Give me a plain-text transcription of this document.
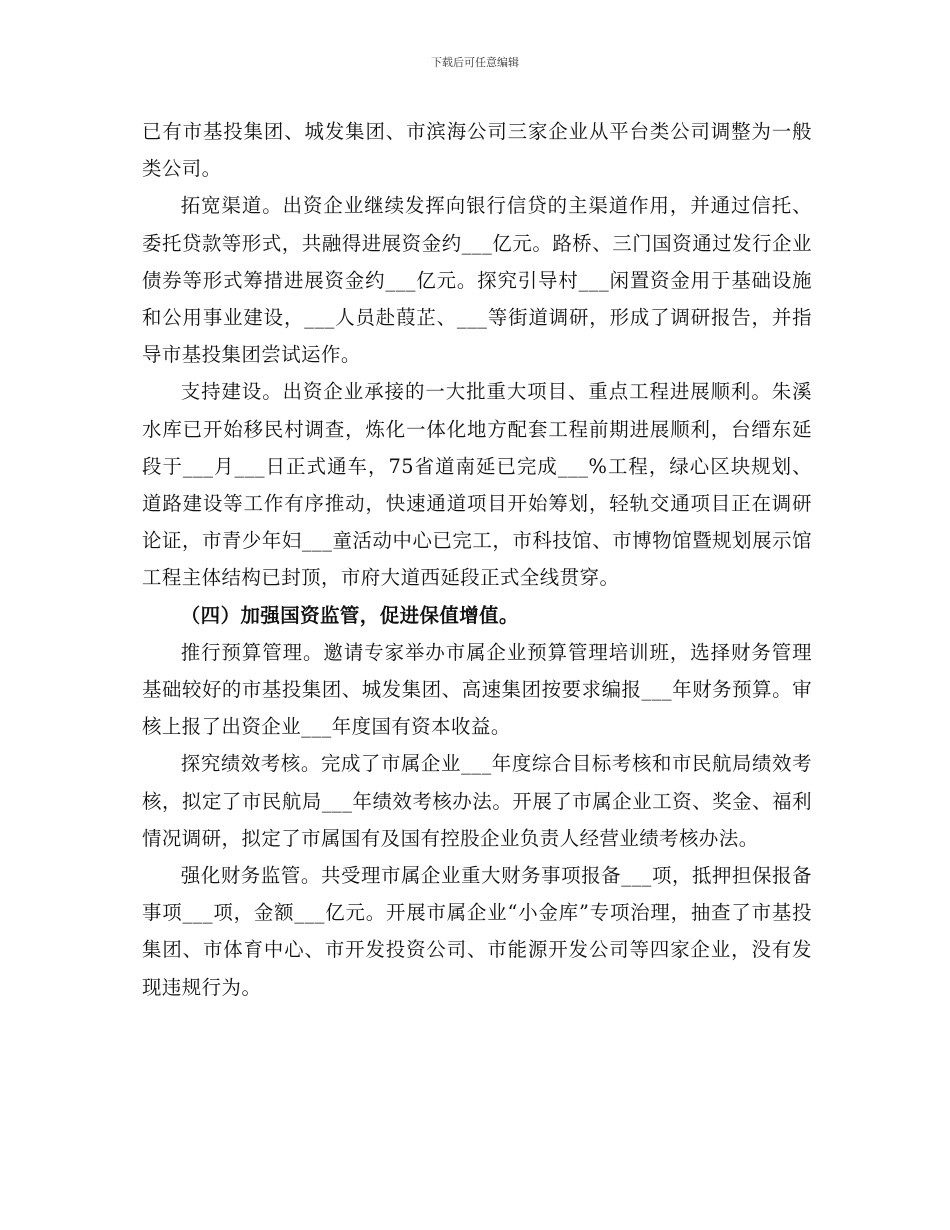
下载后可任意编辑

已有市基投集团、城发集团、市滨海公司三家企业从平台类公司调整为一般类公司。

拓宽渠道。出资企业继续发挥向银行信贷的主渠道作用，并通过信托、委托贷款等形式，共融得进展资金约___亿元。路桥、三门国资通过发行企业债券等形式筹措进展资金约___亿元。探究引导村___闲置资金用于基础设施和公用事业建设，___人员赴葭芷、___等街道调研，形成了调研报告，并指导市基投集团尝试运作。

支持建设。出资企业承接的一大批重大项目、重点工程进展顺利。朱溪水库已开始移民村调查，炼化一体化地方配套工程前期进展顺利，台缙东延段于___月___日正式通车，75省道南延已完成___%工程，绿心区块规划、道路建设等工作有序推动，快速通道项目开始筹划，轻轨交通项目正在调研论证，市青少年妇___童活动中心已完工，市科技馆、市博物馆暨规划展示馆工程主体结构已封顶，市府大道西延段正式全线贯穿。

（四）加强国资监管，促进保值增值。

推行预算管理。邀请专家举办市属企业预算管理培训班，选择财务管理基础较好的市基投集团、城发集团、高速集团按要求编报___年财务预算。审核上报了出资企业___年度国有资本收益。

探究绩效考核。完成了市属企业___年度综合目标考核和市民航局绩效考核，拟定了市民航局___年绩效考核办法。开展了市属企业工资、奖金、福利情况调研，拟定了市属国有及国有控股企业负责人经营业绩考核办法。

强化财务监管。共受理市属企业重大财务事项报备___项，抵押担保报备事项___项，金额___亿元。开展市属企业“小金库”专项治理，抽查了市基投集团、市体育中心、市开发投资公司、市能源开发公司等四家企业，没有发现违规行为。
